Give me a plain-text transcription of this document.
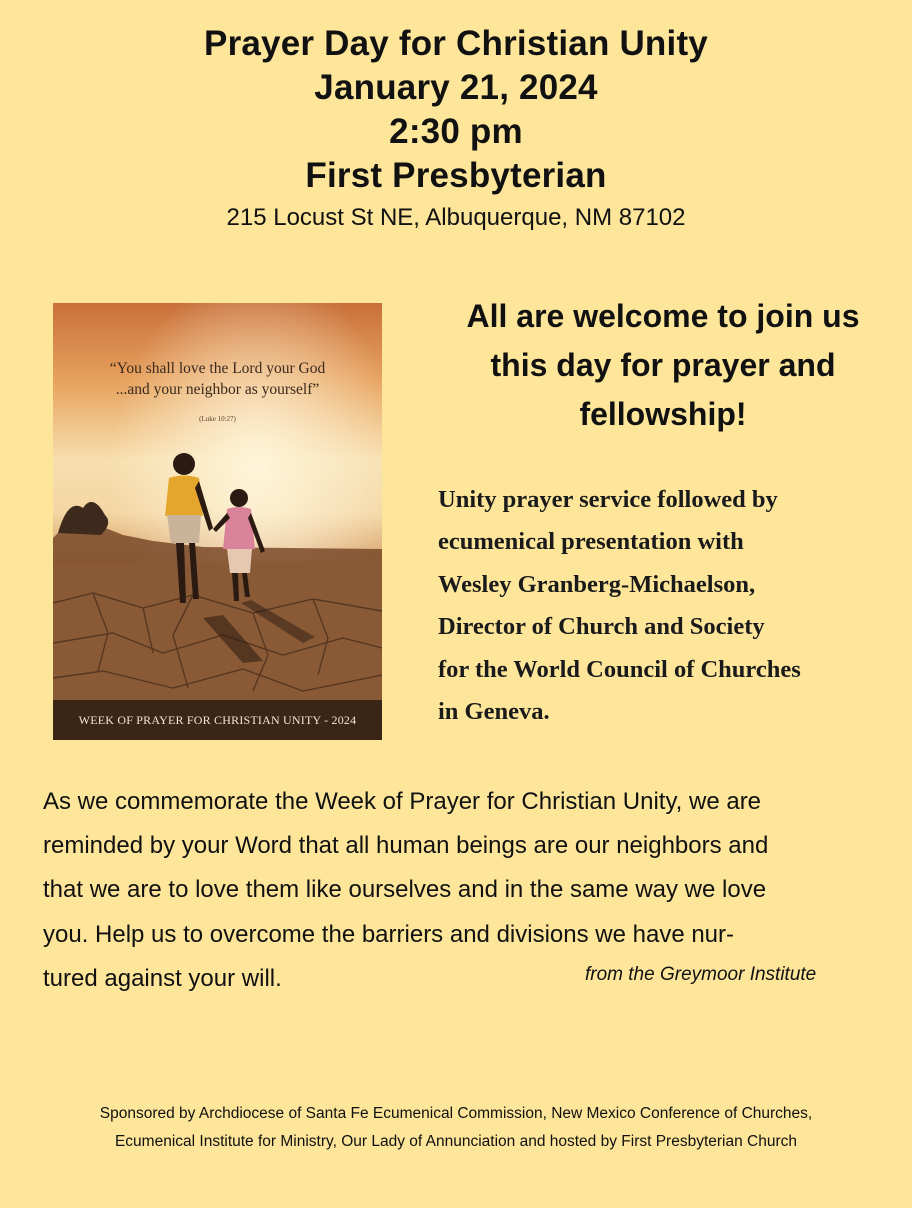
Prayer Day for Christian Unity
January 21, 2024
2:30 pm
First Presbyterian
215 Locust St NE, Albuquerque, NM 87102
“You shall love the Lord your God
...and your neighbor as yourself”
(Luke 10:27)
WEEK OF PRAYER FOR CHRISTIAN UNITY - 2024
All are welcome to join us
this day for prayer and
fellowship!
Unity prayer service followed by
ecumenical presentation with
Wesley Granberg-Michaelson,
Director of Church and Society
for the World Council of Churches
in Geneva.
As we commemorate the Week of Prayer for Christian Unity, we are
reminded by your Word that all human beings are our neighbors and
that we are to love them like ourselves and in the same way we love
you. Help us to overcome the barriers and divisions we have nur-
tured against your will.	from the Greymoor Institute
Sponsored by Archdiocese of Santa Fe Ecumenical Commission, New Mexico Conference of Churches,
Ecumenical Institute for Ministry, Our Lady of Annunciation and hosted by First Presbyterian Church
